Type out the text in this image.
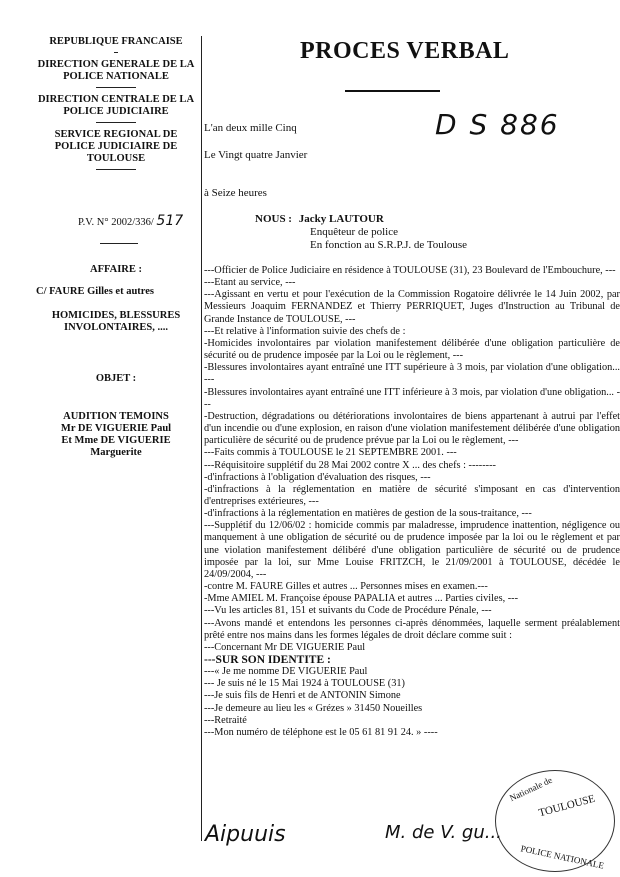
REPUBLIQUE FRANCAISE
DIRECTION GENERALE DE LA
POLICE NATIONALE
DIRECTION CENTRALE DE LA
POLICE JUDICIAIRE
SERVICE REGIONAL DE
POLICE JUDICIAIRE DE
TOULOUSE
P.V. N° 2002/336/ 517
AFFAIRE :
C/ FAURE Gilles et autres
HOMICIDES, BLESSURES
INVOLONTAIRES, ....
OBJET :
AUDITION TEMOINS
Mr DE VIGUERIE Paul
Et Mme DE VIGUERIE
Marguerite
PROCES VERBAL
D S 886
L'an deux mille Cinq
Le Vingt quatre Janvier
à Seize heures
NOUS : Jacky LAUTOUR
Enquêteur de police
En fonction au S.R.P.J. de Toulouse

---Officier de Police Judiciaire en résidence à TOULOUSE (31), 23 Boulevard de l'Embouchure, ---

---Etant au service, ---

---Agissant en vertu et pour l'exécution de la Commission Rogatoire délivrée le 14 Juin 2002, par Messieurs Joaquim FERNANDEZ et Thierry PERRIQUET, Juges d'Instruction au Tribunal de Grande Instance de TOULOUSE, ---

---Et relative à l'information suivie des chefs de :

-Homicides involontaires par violation manifestement délibérée d'une obligation particulière de sécurité ou de prudence imposée par la Loi ou le règlement, ---

-Blessures involontaires ayant entraîné une ITT supérieure à 3 mois, par violation d'une obligation... ---

-Blessures involontaires ayant entraîné une ITT inférieure à 3 mois, par violation d'une obligation... ---

-Destruction, dégradations ou détériorations involontaires de biens appartenant à autrui par l'effet d'un incendie ou d'une explosion, en raison d'une violation manifestement délibérée d'une obligation particulière de sécurité ou de prudence prévue par la Loi ou le règlement, ---

---Faits commis à TOULOUSE le 21 SEPTEMBRE 2001. ---

---Réquisitoire supplétif du 28 Mai 2002 contre X ... des chefs : --------

-d'infractions à l'obligation d'évaluation des risques, ---

-d'infractions à la réglementation en matière de sécurité s'imposant en cas d'intervention d'entreprises extérieures, ---

-d'infractions à la réglementation en matières de gestion de la sous-traitance, ---

---Supplétif du 12/06/02 : homicide commis par maladresse, imprudence inattention, négligence ou manquement à une obligation de sécurité ou de prudence imposée par la loi ou le règlement et par une violation manifestement délibéré d'une obligation particulière de sécurité ou de prudence imposée par la loi, sur Mme Louise FRITZCH, le 21/09/2001 à TOULOUSE, décédée le 24/09/2004, ---

-contre M. FAURE Gilles et autres ... Personnes mises en examen.---

-Mme AMIEL M. Françoise épouse PAPALIA et autres ... Parties civiles, ---

---Vu les articles 81, 151 et suivants du Code de Procédure Pénale, ---

---Avons mandé et entendons les personnes ci-après dénommées, laquelle serment préalablement prêté entre nos mains dans les formes légales de droit déclare comme suit :

---Concernant Mr DE VIGUERIE Paul

---SUR SON IDENTITE :

---« Je me nomme DE VIGUERIE Paul

--- Je suis né le 15 Mai 1924 à TOULOUSE (31)

---Je suis fils de Henri et de ANTONIN Simone

---Je demeure au lieu les « Grézes » 31450 Noueilles

---Retraité

---Mon numéro de téléphone est le 05 61 81 91 24. » ----

Nationale de
TOULOUSE
POLICE NATIONALE
Aipuuis	M. de V. gu...
